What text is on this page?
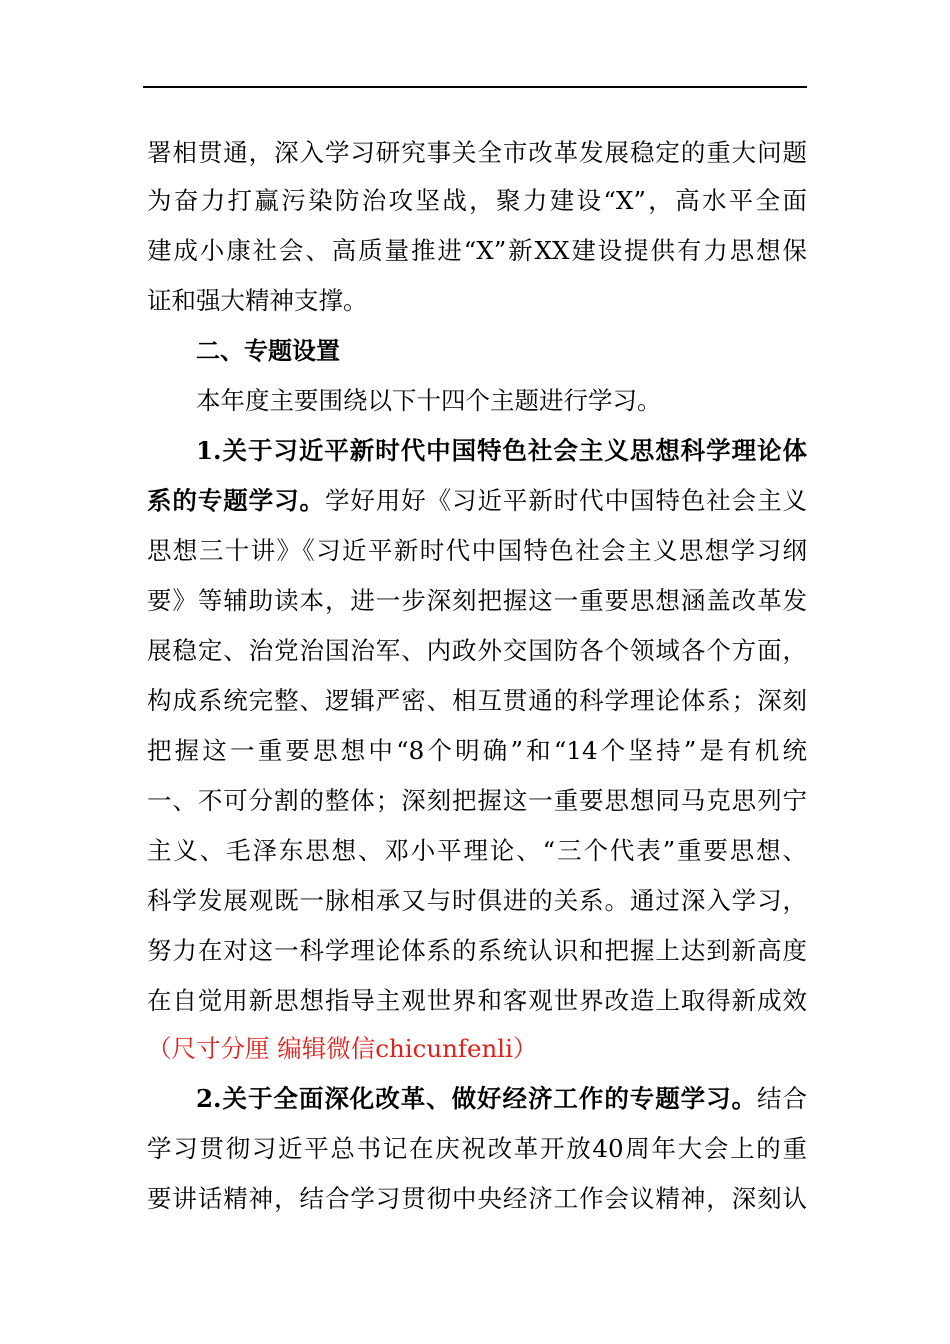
署相贯通，深入学习研究事关全市改革发展稳定的重大问题
为奋力打赢污染防治攻坚战，聚力建设“X”，高水平全面
建成小康社会、高质量推进“X”新XX建设提供有力思想保
证和强大精神支撑。
二、专题设置
本年度主要围绕以下十四个主题进行学习。
1.关于习近平新时代中国特色社会主义思想科学理论体
系的专题学习。学好用好《习近平新时代中国特色社会主义
思想三十讲》《习近平新时代中国特色社会主义思想学习纲
要》等辅助读本，进一步深刻把握这一重要思想涵盖改革发
展稳定、治党治国治军、内政外交国防各个领域各个方面，
构成系统完整、逻辑严密、相互贯通的科学理论体系；深刻
把握这一重要思想中“8个明确”和“14个坚持”是有机统
一、不可分割的整体；深刻把握这一重要思想同马克思列宁
主义、毛泽东思想、邓小平理论、“三个代表”重要思想、
科学发展观既一脉相承又与时俱进的关系。通过深入学习，
努力在对这一科学理论体系的系统认识和把握上达到新高度
在自觉用新思想指导主观世界和客观世界改造上取得新成效
（尺寸分厘 编辑微信chicunfenli）
2.关于全面深化改革、做好经济工作的专题学习。结合
学习贯彻习近平总书记在庆祝改革开放40周年大会上的重
要讲话精神，结合学习贯彻中央经济工作会议精神，深刻认
